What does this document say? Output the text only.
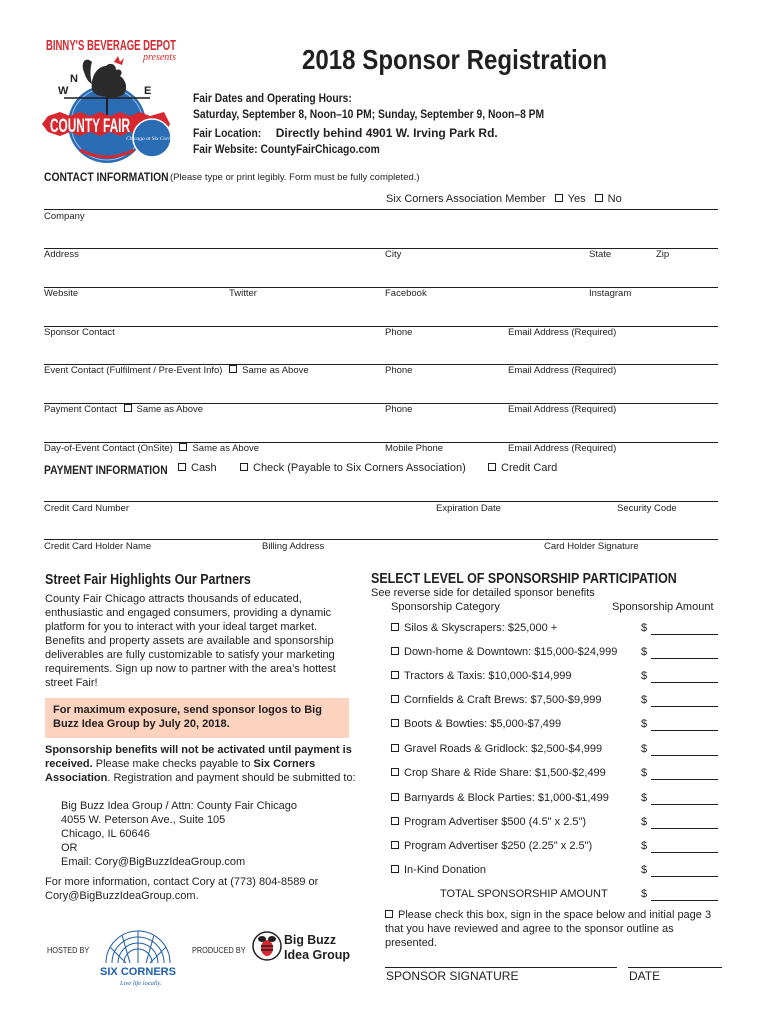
BINNY'S BEVERAGE DEPOT
presents
W
N
E
COUNTY FAIR
Chicago at Six Corners
2018 Sponsor Registration
Fair Dates and Operating Hours:
Saturday, September 8, Noon–10 PM; Sunday, September 9, Noon–8 PM
Fair Location: Directly behind 4901 W. Irving Park Rd.
Fair Website: CountyFairChicago.com
CONTACT INFORMATION (Please type or print legibly. Form must be fully completed.)
Six Corners Association Member Yes No
Company
Address	City	State	Zip
Website	Twitter	Facebook	Instagram
Sponsor Contact	Phone	Email Address (Required)
Event Contact (Fulfilment / Pre-Event Info) Same as Above	Phone	Email Address (Required)
Payment Contact Same as Above	Phone	Email Address (Required)
Day-of-Event Contact (OnSite) Same as Above	Mobile Phone	Email Address (Required)
PAYMENT INFORMATION	Cash	Check (Payable to Six Corners Association)	Credit Card
Credit Card Number	Expiration Date	Security Code
Credit Card Holder Name	Billing Address	Card Holder Signature
Street Fair Highlights Our Partners
County Fair Chicago attracts thousands of educated, enthusiastic and engaged consumers, providing a dynamic platform for you to interact with your ideal target market. Benefits and property assets are available and sponsorship deliverables are fully customizable to satisfy your marketing requirements. Sign up now to partner with the area’s hottest street Fair!
For maximum exposure, send sponsor logos to Big Buzz Idea Group by July 20, 2018.
Sponsorship benefits will not be activated until payment is received. Please make checks payable to Six Corners Association. Registration and payment should be submitted to:
Big Buzz Idea Group / Attn: County Fair Chicago
4055 W. Peterson Ave., Suite 105
Chicago, IL 60646
OR
Email: Cory@BigBuzzIdeaGroup.com
For more information, contact Cory at (773) 804-8589 or Cory@BigBuzzIdeaGroup.com.
HOSTED BY
SIX CORNERS
Live life locally.
PRODUCED BY
Big Buzz
Idea Group
SELECT LEVEL OF SPONSORSHIP PARTICIPATION
See reverse side for detailed sponsor benefits
Sponsorship Category	Sponsorship Amount
Silos & Skyscrapers: $25,000 +	$
Down-home & Downtown: $15,000-$24,999 $
Tractors & Taxis: $10,000-$14,999	$
Cornfields & Craft Brews: $7,500-$9,999	$
Boots & Bowties: $5,000-$7,499	$
Gravel Roads & Gridlock: $2,500-$4,999	$
Crop Share & Ride Share: $1,500-$2,499	$
Barnyards & Block Parties: $1,000-$1,499	$
Program Advertiser $500 (4.5" x 2.5")	$
Program Advertiser $250 (2.25" x 2.5")	$
In-Kind Donation	$
TOTAL SPONSORSHIP AMOUNT	$
Please check this box, sign in the space below and initial page 3 that you have reviewed and agree to the sponsor outline as presented.
SPONSOR SIGNATURE	DATE
